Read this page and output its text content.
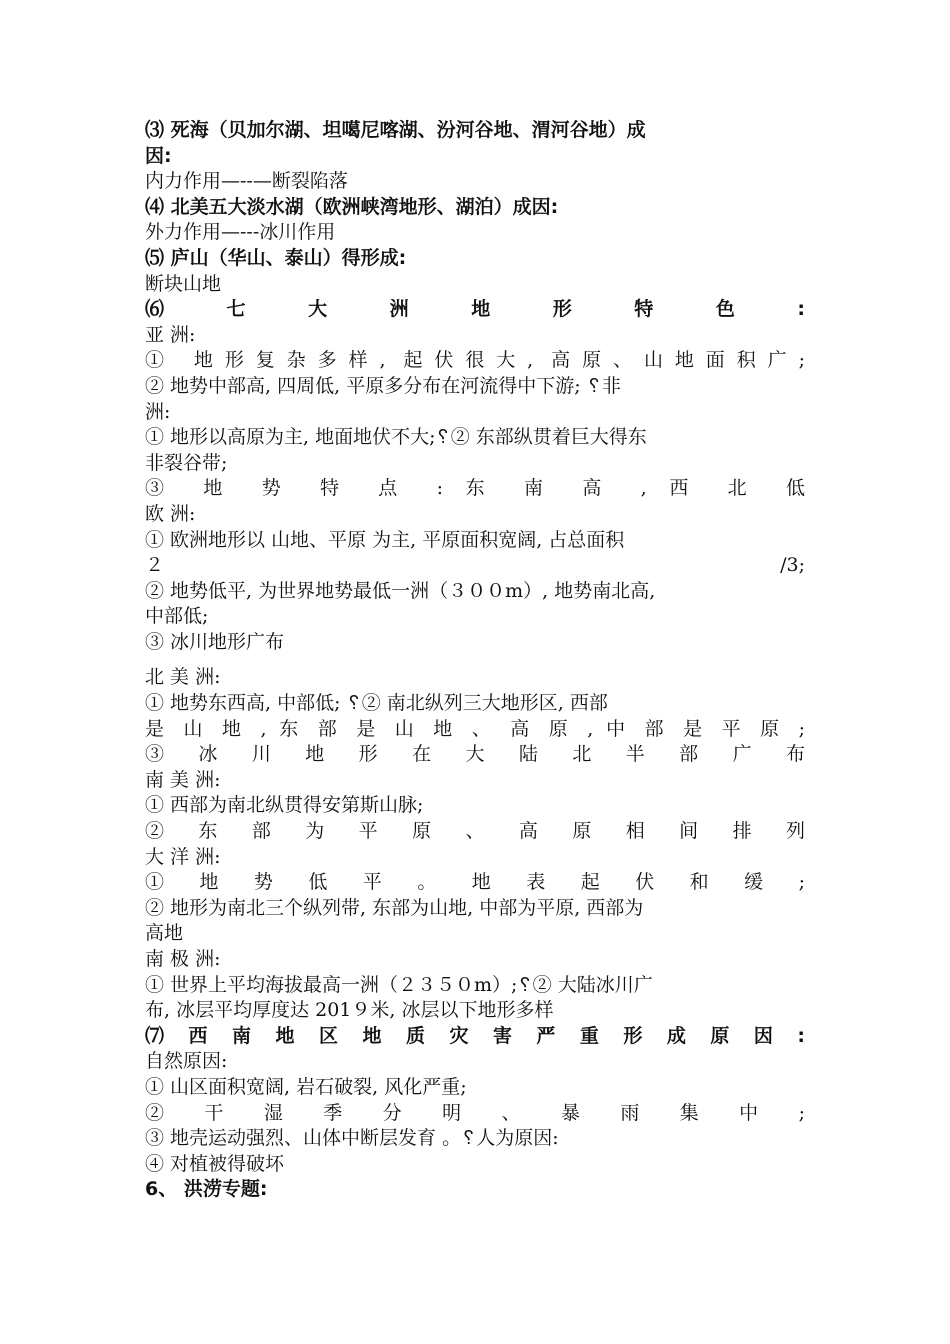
⑶ 死海（贝加尔湖、坦噶尼喀湖、汾河谷地、渭河谷地）成
因:
内力作用—--—断裂陷落
⑷ 北美五大淡水湖（欧洲峡湾地形、湖泊）成因:
外力作用—---冰川作用
⑸ 庐山（华山、泰山）得形成:
断块山地
⑹ 七 大 洲 地 形 特 色 :
亚 洲:
① 地形复杂多样, 起伏很大, 高原、山地面积广;
② 地势中部高, 四周低, 平原多分布在河流得中下游; ␦非
洲:
① 地形以高原为主, 地面地伏不大;␦② 东部纵贯着巨大得东
非裂谷带;
③ 地 势 特 点 : 东 南 高 , 西 北 低
欧 洲:
① 欧洲地形以 山地、平原 为主, 平原面积宽阔, 占总面积
２ /3;
② 地势低平, 为世界地势最低一洲（３００m）, 地势南北高,
中部低;
③ 冰川地形广布
北 美 洲:
① 地势东西高, 中部低; ␦② 南北纵列三大地形区, 西部
是 山 地 , 东 部 是 山 地 、 高 原 , 中 部 是 平 原 ;
③ 冰 川 地 形 在 大 陆 北 半 部 广 布
南 美 洲:
① 西部为南北纵贯得安第斯山脉;
② 东 部 为 平 原 、 高 原 相 间 排 列
大 洋 洲:
① 地 势 低 平 。 地 表 起 伏 和 缓 ;
② 地形为南北三个纵列带, 东部为山地, 中部为平原, 西部为
高地
南 极 洲:
① 世界上平均海拔最高一洲（２３５０m）;␦② 大陆冰川广
布, 冰层平均厚度达 201９米, 冰层以下地形多样
⑺ 西 南 地 区 地 质 灾 害 严 重 形 成 原 因 :
自然原因:
① 山区面积宽阔, 岩石破裂, 风化严重;
② 干 湿 季 分 明 、 暴 雨 集 中 ;
③ 地壳运动强烈、山体中断层发育 。␦人为原因:
④ 对植被得破坏
6、 洪涝专题:
